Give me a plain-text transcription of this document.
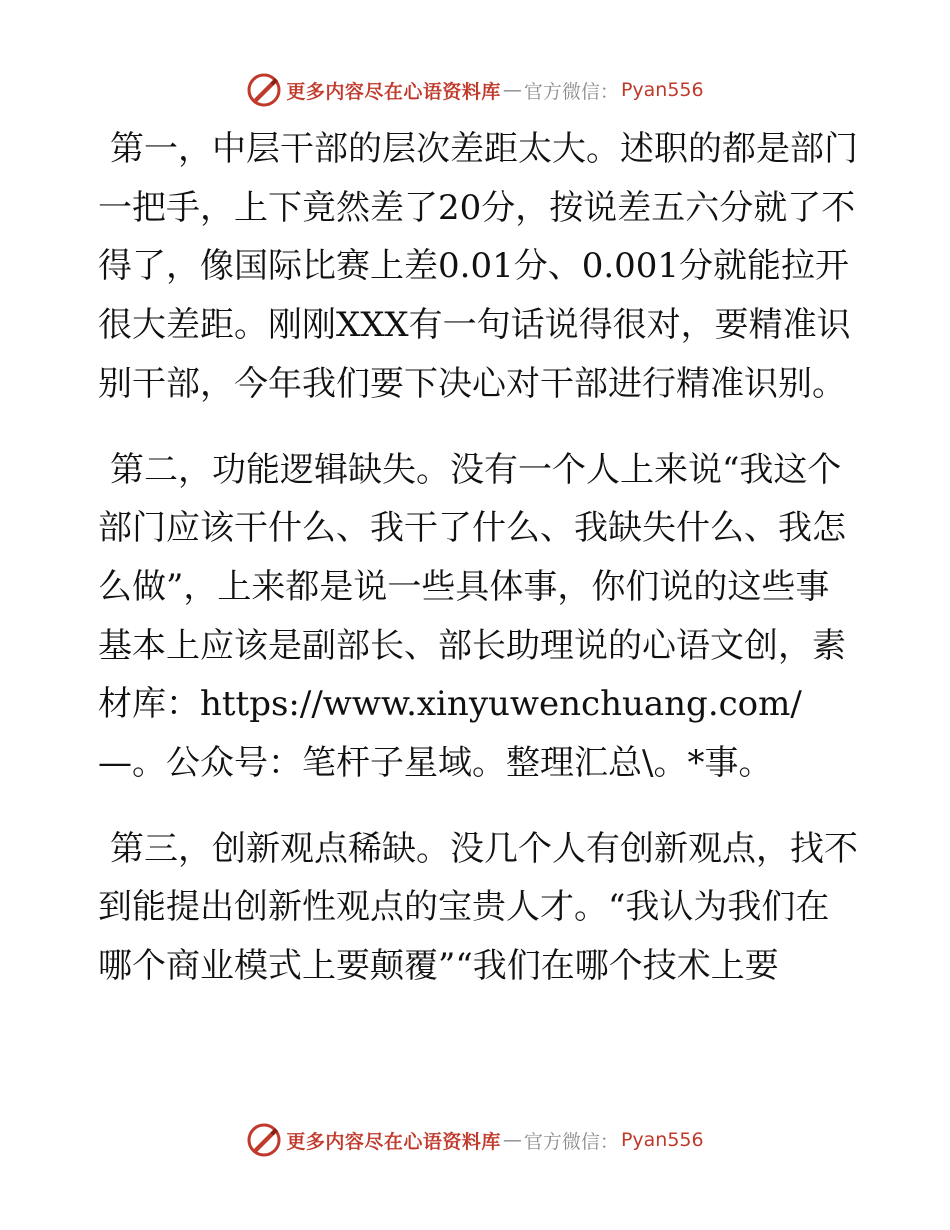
更多内容尽在心语资料库 — 官方微信： Pyan556

第一，中层干部的层次差距太大。述职的都是部门一把手，上下竟然差了20分，按说差五六分就了不得了，像国际比赛上差0.01分、0.001分就能拉开很大差距。刚刚XXX有一句话说得很对，要精准识别干部，今年我们要下决心对干部进行精准识别。

第二，功能逻辑缺失。没有一个人上来说“我这个部门应该干什么、我干了什么、我缺失什么、我怎么做”，上来都是说一些具体事，你们说的这些事基本上应该是副部长、部长助理说的心语文创，素材库：https://www.xinyuwenchuang.com/—。公众号：笔杆子星域。整理汇总\。*事。

第三，创新观点稀缺。没几个人有创新观点，找不到能提出创新性观点的宝贵人才。“我认为我们在哪个商业模式上要颠覆”“我们在哪个技术上要

更多内容尽在心语资料库 — 官方微信： Pyan556
